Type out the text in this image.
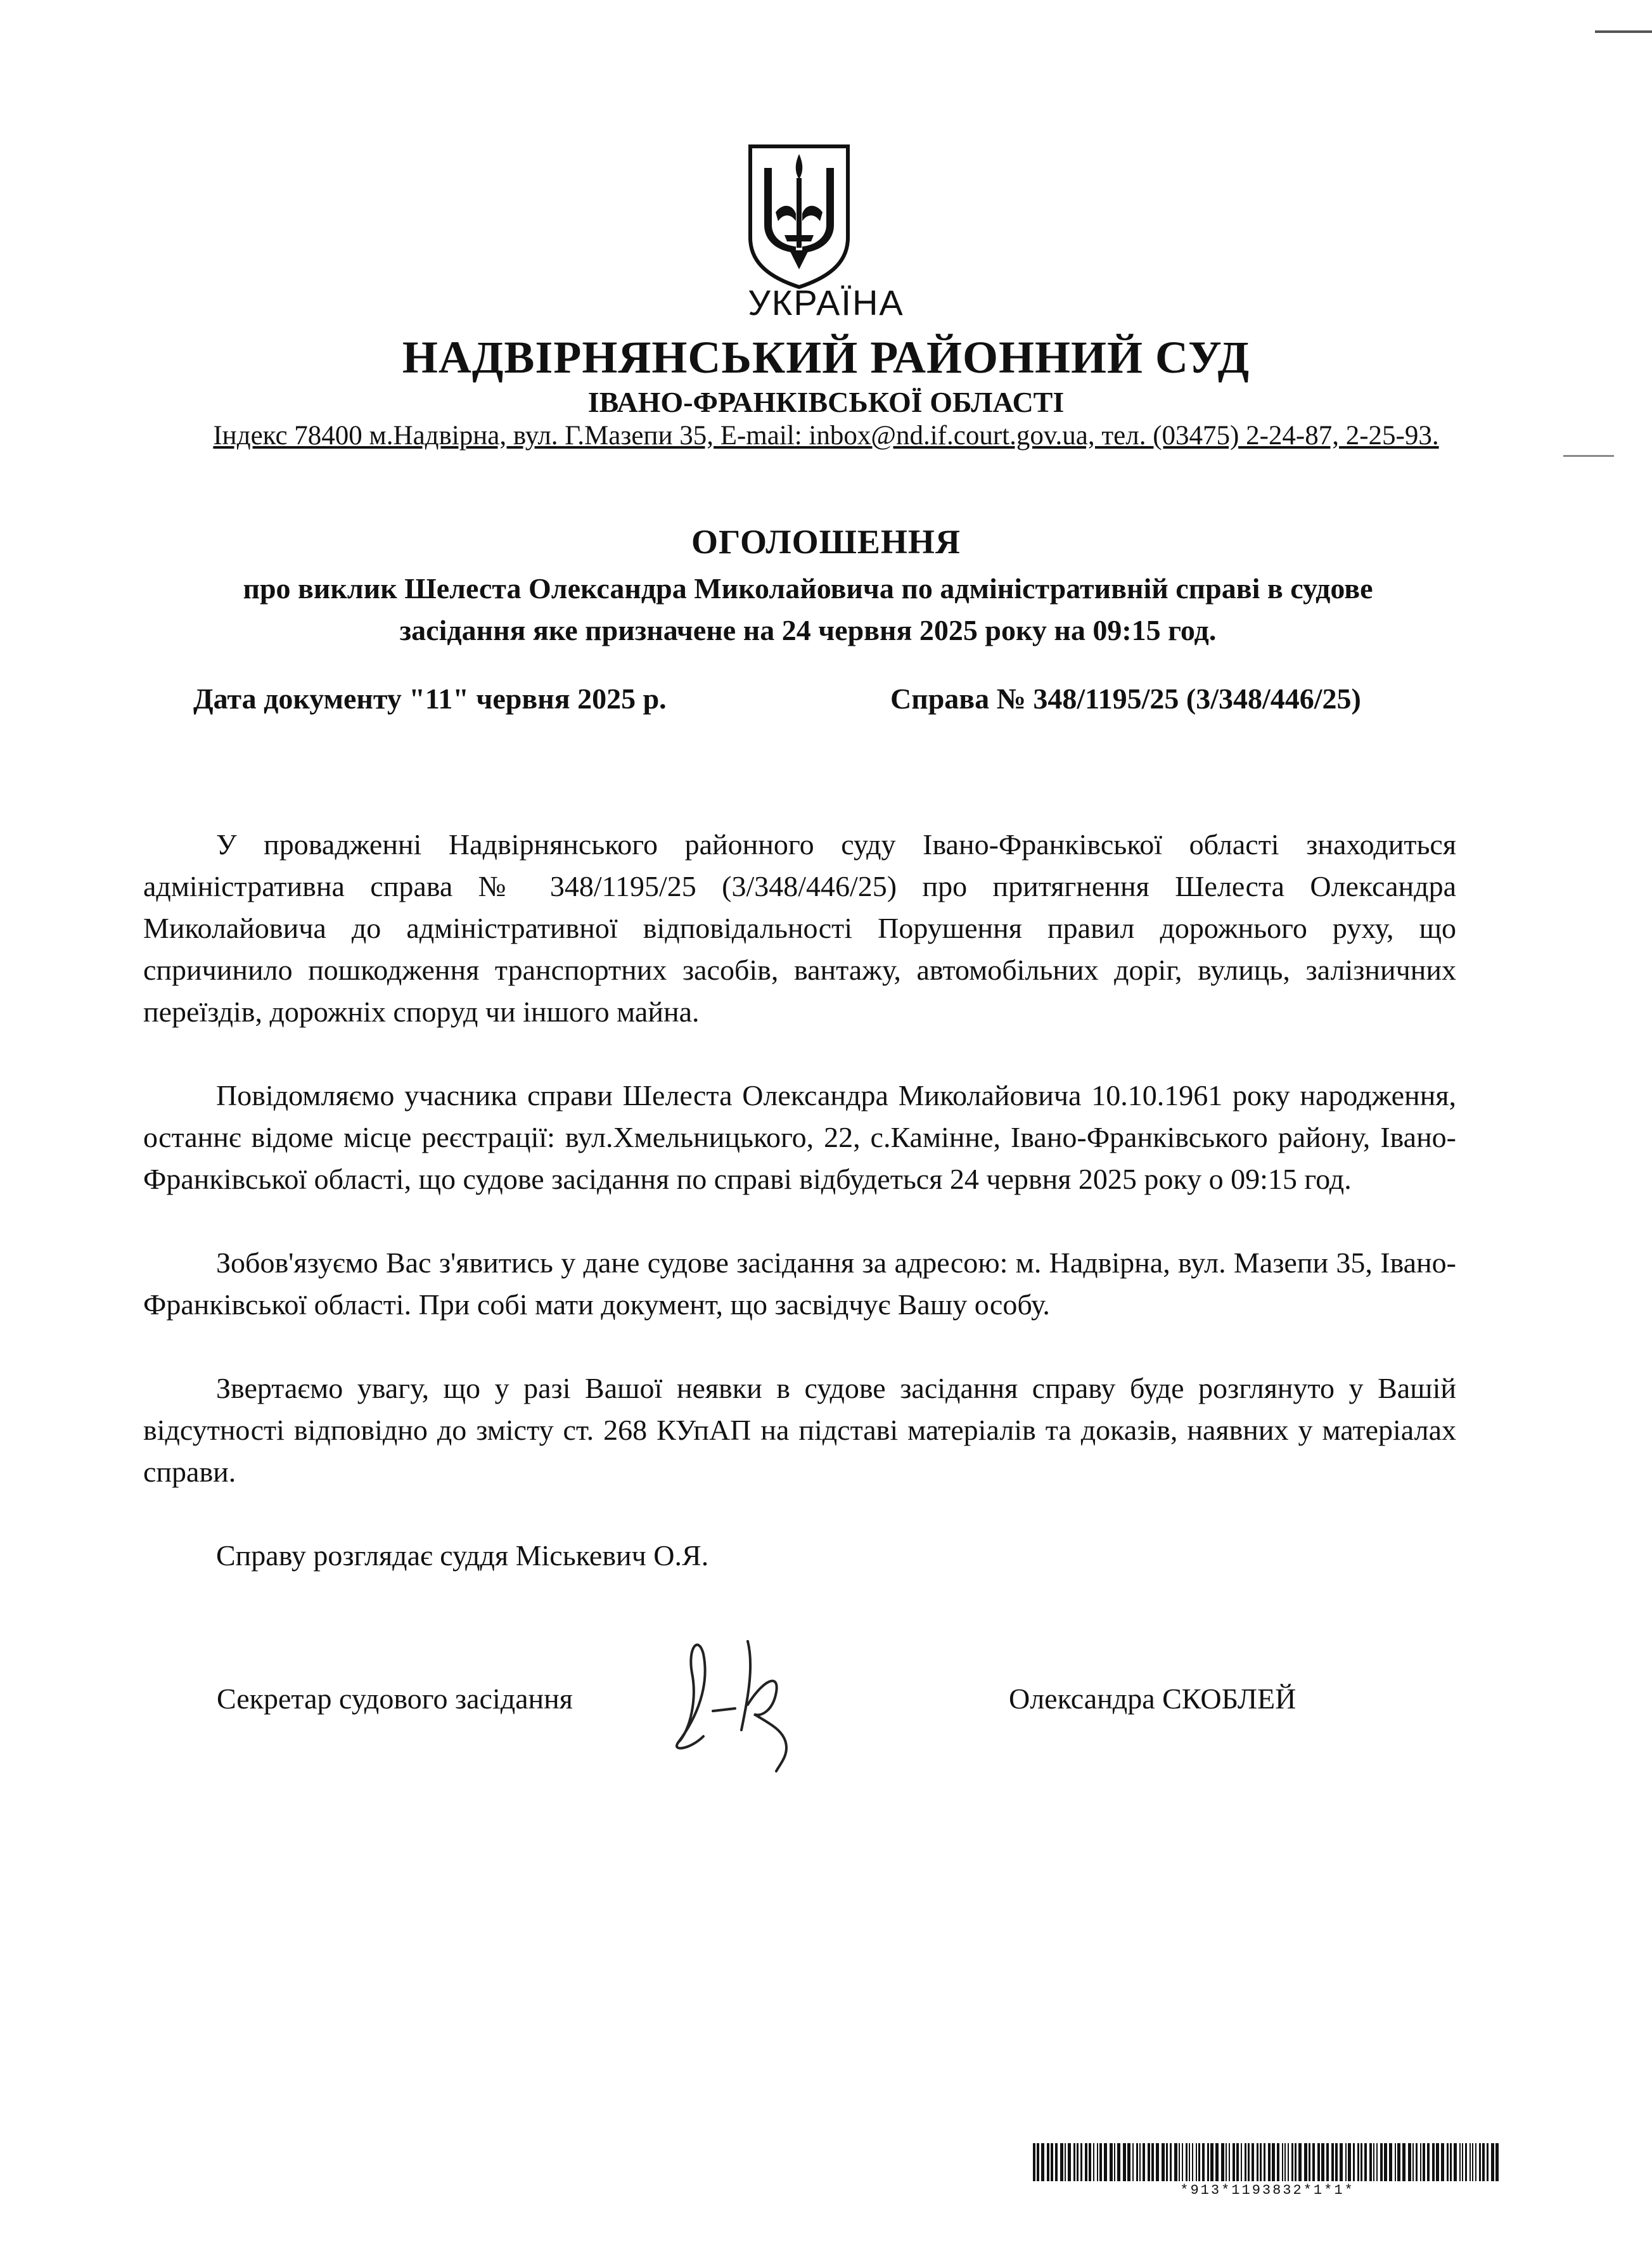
УКРАЇНА
НАДВІРНЯНСЬКИЙ РАЙОННИЙ СУД
ІВАНО-ФРАНКІВСЬКОЇ ОБЛАСТІ
Індекс 78400 м.Надвірна, вул. Г.Мазепи 35, E-mail: inbox@nd.if.court.gov.ua, тел. (03475) 2-24-87, 2-25-93.
ОГОЛОШЕННЯ
про виклик Шелеста Олександра Миколайовича по адміністративній справі в судове
засідання яке призначене на 24 червня 2025 року на 09:15 год.
Дата документу "11" червня 2025 р.	Справа № 348/1195/25 (3/348/446/25)

У провадженні Надвірнянського районного суду Івано-Франківської області знаходиться адміністративна справа № 348/1195/25 (3/348/446/25) про притягнення Шелеста Олександра Миколайовича до адміністративної відповідальності Порушення правил дорожнього руху, що спричинило пошкодження транспортних засобів, вантажу, автомобільних доріг, вулиць, залізничних переїздів, дорожніх споруд чи іншого майна.

Повідомляємо учасника справи Шелеста Олександра Миколайовича 10.10.1961 року народження, останнє відоме місце реєстрації: вул.Хмельницького, 22, с.Камінне, Івано-Франківського району, Івано-Франківської області, що судове засідання по справі відбудеться 24 червня 2025 року о 09:15 год.

Зобов'язуємо Вас з'явитись у дане судове засідання за адресою: м. Надвірна, вул. Мазепи 35, Івано-Франківської області. При собі мати документ, що засвідчує Вашу особу.

Звертаємо увагу, що у разі Вашої неявки в судове засідання справу буде розглянуто у Вашій відсутності відповідно до змісту ст. 268 КУпАП на підставі матеріалів та доказів, наявних у матеріалах справи.

Справу розглядає суддя Міськевич О.Я.

Секретар судового засідання	Олександра СКОБЛЕЙ
*913*1193832*1*1*
